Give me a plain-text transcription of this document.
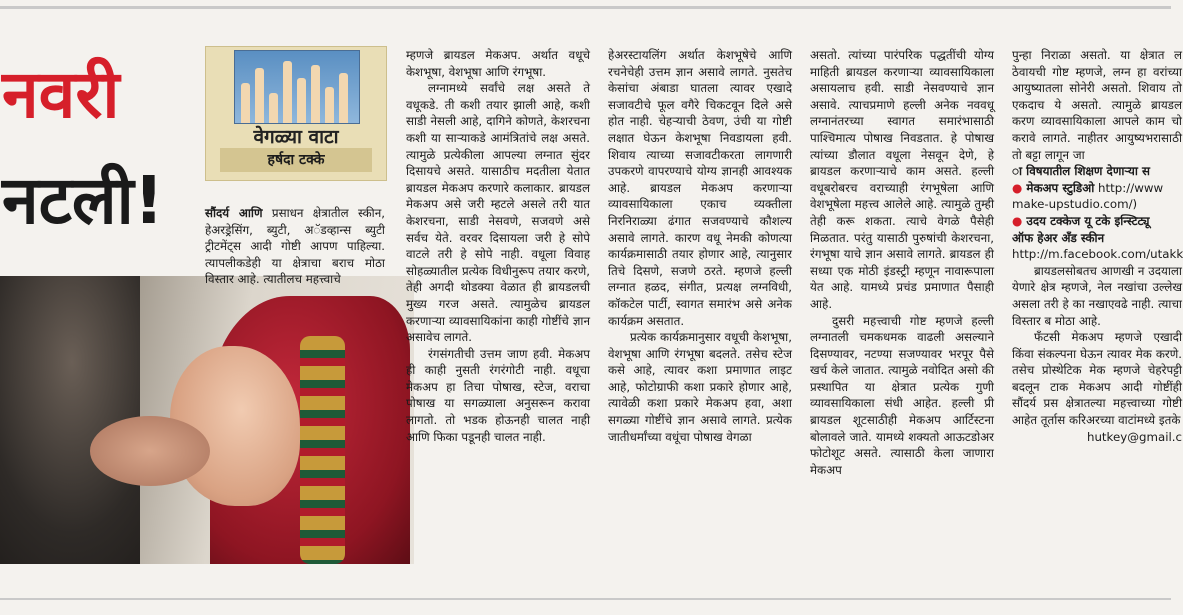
नवरी
नटली!
वेगळ्या वाटा
हर्षदा टक्के

सौंदर्य आणि प्रसाधन क्षेत्रातील स्कीन, हेअरड्रेसिंग, ब्युटी, अॅडव्हान्स ब्युटी ट्रीटमेंट्स आदी गोष्टी आपण पाहिल्या. त्यापलीकडेही या क्षेत्राचा बराच मोठा विस्तार आहे. त्यातीलच महत्त्वाचे

म्हणजे ब्रायडल मेकअप. अर्थात वधूचे केशभूषा, वेशभूषा आणि रंगभूषा.

लग्नामध्ये सर्वांचे लक्ष असते ते वधूकडे. ती कशी तयार झाली आहे, कशी साडी नेसली आहे, दागिने कोणते, केशरचना कशी या साऱ्याकडे आमंत्रितांचे लक्ष असते. त्यामुळे प्रत्येकीला आपल्या लग्नात सुंदर दिसायचे असते. यासाठीच मदतीला येतात ब्रायडल मेकअप करणारे कलाकार. ब्रायडल मेकअप असे जरी म्हटले असले तरी यात केशरचना, साडी नेसवणे, सजवणे असे सर्वच येते. वरवर दिसायला जरी हे सोपे वाटले तरी हे सोपे नाही. वधूला विवाह सोहळ्यातील प्रत्येक विधीनुरूप तयार करणे, तेही अगदी थोडक्या वेळात ही ब्रायडलची मुख्य गरज असते. त्यामुळेच ब्रायडल करणाऱ्या व्यावसायिकांना काही गोष्टींचे ज्ञान असावेच लागते.

रंगसंगतीची उत्तम जाण हवी. मेकअप ही काही नुसती रंगरंगोटी नाही. वधूचा मेकअप हा तिचा पोषाख, स्टेज, वराचा पोषाख या सगळ्याला अनुसरून करावा लागतो. तो भडक होऊनही चालत नाही आणि फिका पडूनही चालत नाही.

हेअरस्टायलिंग अर्थात केशभूषेचे आणि रचनेचेही उत्तम ज्ञान असावे लागते. नुसतेच केसांचा अंबाडा घातला त्यावर एखादे सजावटीचे फूल वगैरे चिकटवून दिले असे होत नाही. चेहऱ्याची ठेवण, उंची या गोष्टी लक्षात घेऊन केशभूषा निवडायला हवी. शिवाय त्याच्या सजावटीकरता लागणारी उपकरणे वापरण्याचे योग्य ज्ञानही आवश्यक आहे. ब्रायडल मेकअप करणाऱ्या व्यावसायिकाला एकाच व्यक्तीला निरनिराळ्या ढंगात सजवण्याचे कौशल्य असावे लागते. कारण वधू नेमकी कोणत्या कार्यक्रमासाठी तयार होणार आहे, त्यानुसार तिचे दिसणे, सजणे ठरते. म्हणजे हल्ली लग्नात हळद, संगीत, प्रत्यक्ष लग्नविधी, कॉकटेल पार्टी, स्वागत समारंभ असे अनेक कार्यक्रम असतात.

प्रत्येक कार्यक्रमानुसार वधूची केशभूषा, वेशभूषा आणि रंगभूषा बदलते. तसेच स्टेज कसे आहे, त्यावर कशा प्रमाणात लाइट आहे, फोटोग्राफी कशा प्रकारे होणार आहे, त्यावेळी कशा प्रकारे मेकअप हवा, अशा सगळ्या गोष्टींचे ज्ञान असावे लागते. प्रत्येक जातीधर्मांच्या वधूंचा पोषाख वेगळा

असतो. त्यांच्या पारंपरिक पद्धतींची योग्य माहिती ब्रायडल करणाऱ्या व्यावसायिकाला असायलाच हवी. साडी नेसवण्याचे ज्ञान असावे. त्याचप्रमाणे हल्ली अनेक नववधू लग्नानंतरच्या स्वागत समारंभासाठी पाश्चिमात्य पोषाख निवडतात. हे पोषाख त्यांच्या डौलात वधूला नेसवून देणे, हे ब्रायडल करणाऱ्याचे काम असते. हल्ली वधूबरोबरच वराच्याही रंगभूषेला आणि वेशभूषेला महत्त्व आलेले आहे. त्यामुळे तुम्ही तेही करू शकता. त्याचे वेगळे पैसेही मिळतात. परंतु यासाठी पुरुषांची केशरचना, रंगभूषा याचे ज्ञान असावे लागते. ब्रायडल ही सध्या एक मोठी इंडस्ट्री म्हणून नावारूपाला येत आहे. यामध्ये प्रचंड प्रमाणात पैसाही आहे.

दुसरी महत्त्वाची गोष्ट म्हणजे हल्ली लग्नातली चमकधमक वाढली असल्याने दिसण्यावर, नटण्या सजण्यावर भरपूर पैसे खर्च केले जातात. त्यामुळे नवोदित असो की प्रस्थापित या क्षेत्रात प्रत्येक गुणी व्यावसायिकाला संधी आहेत. हल्ली प्री ब्रायडल शूटसाठीही मेकअप आर्टिस्टना बोलावले जाते. यामध्ये शक्यतो आऊटडोअर फोटोशूट असते. त्यासाठी केला जाणारा मेकअप

पुन्हा निराळा असतो. या क्षेत्रात ल ठेवायची गोष्ट म्हणजे, लग्न हा वरांच्या आयुष्यातला सोनेरी असतो. शिवाय तो एकदाच ये असतो. त्यामुळे ब्रायडल करण व्यावसायिकाला आपले काम चो करावे लागते. नाहीतर आयुष्यभरासाठी तो बट्टा लागून जा

ा विषयातील शिक्षण देणाऱ्या स

● मेकअप स्टुडिओ http://www

make-upstudio.com/)

● उदय टक्केज यू टके इन्स्टिट्यू

ऑफ हेअर अँड स्कीन

http://m.facebook.com/utakk

ब्रायडलसोबतच आणखी न उदयाला येणारे क्षेत्र म्हणजे, नेल नखांचा उल्लेख असला तरी हे का नखाएवढे नाही. त्याचा विस्तार ब मोठा आहे.

फँटसी मेकअप म्हणजे एखादी किंवा संकल्पना घेऊन त्यावर मेक करणे. तसेच प्रोस्थेटिक मेक म्हणजे चेहरेपट्टी बदलून टाक मेकअप आदी गोष्टींही सौंदर्य प्रस क्षेत्रातल्या महत्त्वाच्या गोष्टी आहेत तूर्तास करिअरच्या वाटांमध्ये इतके

hutkey@gmail.c
